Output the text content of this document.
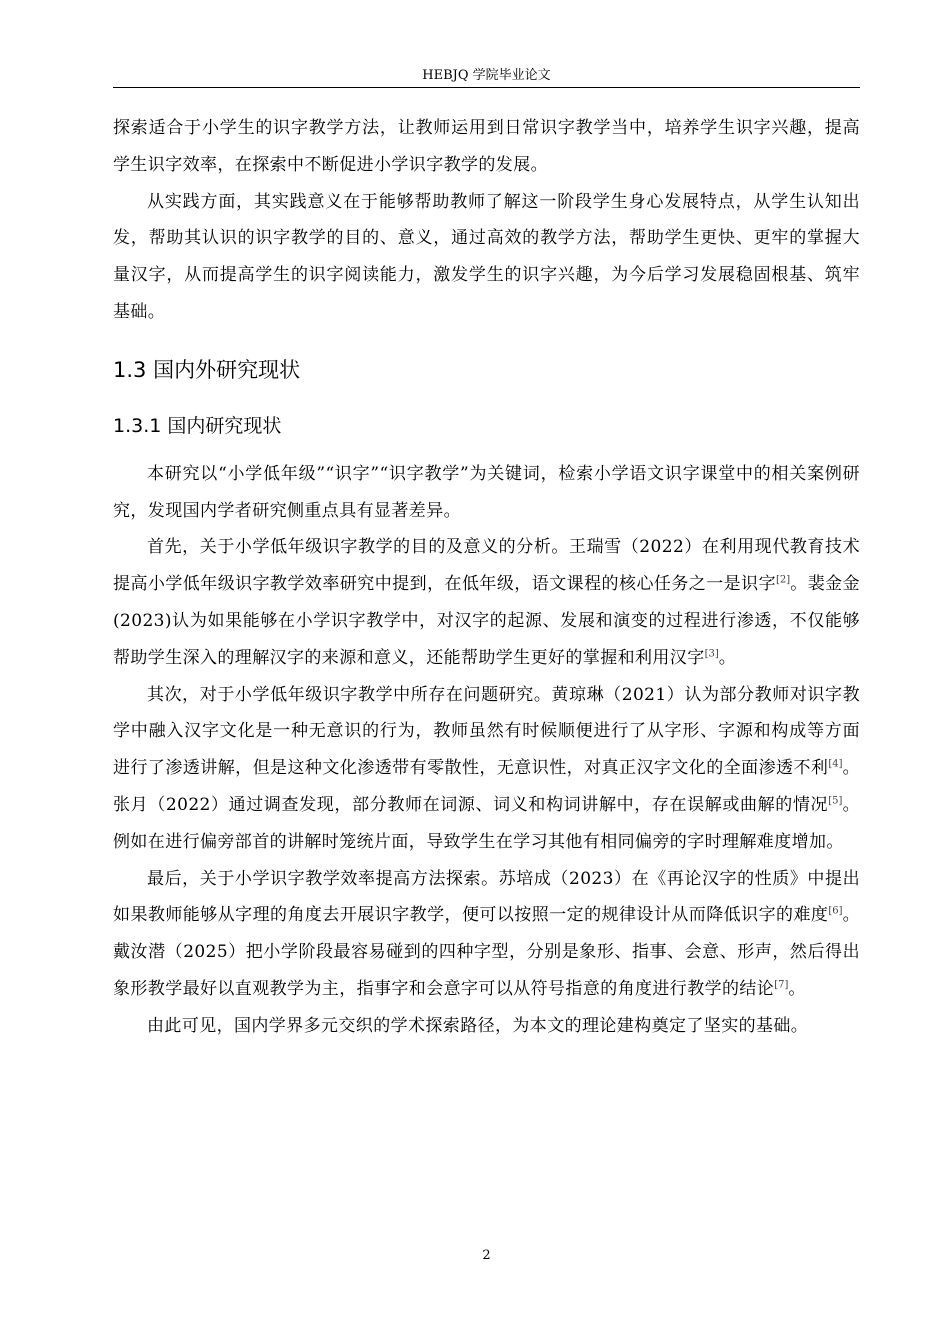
HEBJQ 学院毕业论文

探索适合于小学生的识字教学方法，让教师运用到日常识字教学当中，培养学生识字兴趣，提高学生识字效率，在探索中不断促进小学识字教学的发展。

从实践方面，其实践意义在于能够帮助教师了解这一阶段学生身心发展特点，从学生认知出发，帮助其认识的识字教学的目的、意义，通过高效的教学方法，帮助学生更快、更牢的掌握大量汉字，从而提高学生的识字阅读能力，激发学生的识字兴趣，为今后学习发展稳固根基、筑牢基础。

1.3 国内外研究现状
1.3.1 国内研究现状

本研究以“小学低年级”“识字”“识字教学”为关键词，检索小学语文识字课堂中的相关案例研究，发现国内学者研究侧重点具有显著差异。

首先，关于小学低年级识字教学的目的及意义的分析。王瑞雪（2022）在利用现代教育技术提高小学低年级识字教学效率研究中提到，在低年级，语文课程的核心任务之一是识字[2]。裴金金(2023)认为如果能够在小学识字教学中，对汉字的起源、发展和演变的过程进行渗透，不仅能够帮助学生深入的理解汉字的来源和意义，还能帮助学生更好的掌握和利用汉字[3]。

其次，对于小学低年级识字教学中所存在问题研究。黄琼琳（2021）认为部分教师对识字教学中融入汉字文化是一种无意识的行为，教师虽然有时候顺便进行了从字形、字源和构成等方面进行了渗透讲解，但是这种文化渗透带有零散性，无意识性，对真正汉字文化的全面渗透不利[4]。张月（2022）通过调查发现，部分教师在词源、词义和构词讲解中，存在误解或曲解的情况[5]。例如在进行偏旁部首的讲解时笼统片面，导致学生在学习其他有相同偏旁的字时理解难度增加。

最后，关于小学识字教学效率提高方法探索。苏培成（2023）在《再论汉字的性质》中提出如果教师能够从字理的角度去开展识字教学，便可以按照一定的规律设计从而降低识字的难度[6]。戴汝潜（2025）把小学阶段最容易碰到的四种字型，分别是象形、指事、会意、形声，然后得出象形教学最好以直观教学为主，指事字和会意字可以从符号指意的角度进行教学的结论[7]。

由此可见，国内学界多元交织的学术探索路径，为本文的理论建构奠定了坚实的基础。

2
